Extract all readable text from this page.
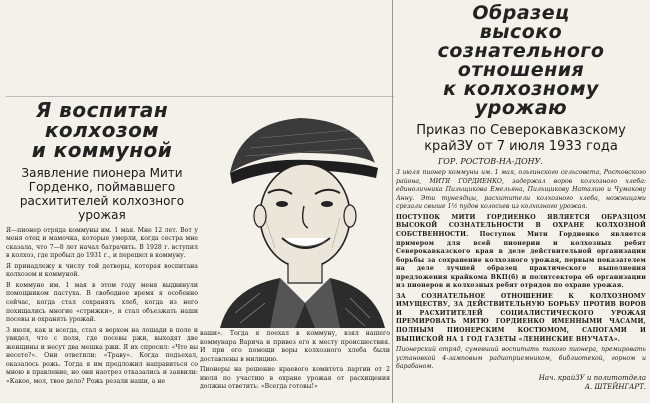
Я воспитан
колхозом
и коммуной
Заявление пионера Мити Горденко, поймавшего расхитителей колхозного урожая

Я—пионер отряда коммуны им. 1 мая. Мне 12 лет. Вот у меня отец и мамочка, которые умерли, когда сестра мне сказала, что 7—8 лет начал батрачить. В 1928 г. вступил в колхоз, где пробыл до 1931 г., и перешел в коммуну.

Я принадлежу к числу той детворы, которая воспитана колхозом и коммуной.

В коммуне им. 1 мая в этом году меня выдвинули помощником пастуха. В свободное время я особенно сейчас, когда стал сохранять хлеб, когда из него похищались многие «стрижки», я стал объезжать наши посевы и охранять урожай.

3 июля, как и всегда, стал я верхом на лошади в поле и увидел, что с поля, где посевы ржи, выходят две женщины и несут два мешка ржи. Я их спросил: «Что вы несете?». Они ответили: «Траву». Когда подъехал, оказалось рожь. Тогда я им предложил направиться со мною в правление, но они наотрез отказались и заявили: «Какое, мол, твое дело? Рожь резали наши, а не

ваши». Тогда я поехал в коммуну, взял нашего коммунара Варича и привез его к месту происшествия. И при его помощи воры колхозного хлеба были доставлены в милицию.

Пионеры на решение краевого комитета партии от 2 июля по участию в охране урожая от расхищения должны ответить: «Всегда готовы!»

Образец
высоко сознательного
отношения
к колхозному урожаю
Приказ по Северокавказскому
крайЗУ от 7 июля 1933 года
ГОР. РОСТОВ-НА-ДОНУ.

3 июля пионер коммуны им. 1 мая, ольгинского сельсовета, Ростовского района, МИТЯ ГОРДИЕНКО, задержал воров колхозного хлеба: единоличника Пильщикова Емельяна, Пильщикову Наталию и Чумакову Анну. Эти тунеядцы, расхитители колхозного хлеба, ножницами срезали свыше 1½ пудов колосьев из колхозного урожая.

ПОСТУПОК МИТИ ГОРДИЕНКО ЯВЛЯЕТСЯ ОБРАЗЦОМ ВЫСОКОЙ СОЗНАТЕЛЬНОСТИ В ОХРАНЕ КОЛХОЗНОЙ СОБСТВЕННОСТИ. Поступок Мити Гордиенко является примером для всей пионерии и колхозных ребят Северокавказского края в деле действительной организации борьбы за сохранение колхозного урожая, первым показателем на деле лучшей образец практического выполнения предложения крайкома ВКП(б) и политсектора об организации из пионеров и колхозных ребят отрядов по охране урожая.

ЗА СОЗНАТЕЛЬНОЕ ОТНОШЕНИЕ К КОЛХОЗНОМУ ИМУЩЕСТВУ, ЗА ДЕЙСТВИТЕЛЬНУЮ БОРЬБУ ПРОТИВ ВОРОВ И РАСХИТИТЕЛЕЙ СОЦИАЛИСТИЧЕСКОГО УРОЖАЯ ПРЕМИРОВАТЬ МИТЮ ГОРДИЕНКО ИМЕННЫМИ ЧАСАМИ, ПОЛНЫМ ПИОНЕРСКИМ КОСТЮМОМ, САПОГАМИ И ВЫПИСКОЙ НА 1 ГОД ГАЗЕТЫ «ЛЕНИНСКИЕ ВНУЧАТА».

Пионерский отряд, сумевший воспитать такого пионера, премировать установкой 4-ламповым радиоприемником, библиотекой, горном и барабаном.

Нач. крайЗУ и политотдела
А. ШТЕЙНГАРТ.
